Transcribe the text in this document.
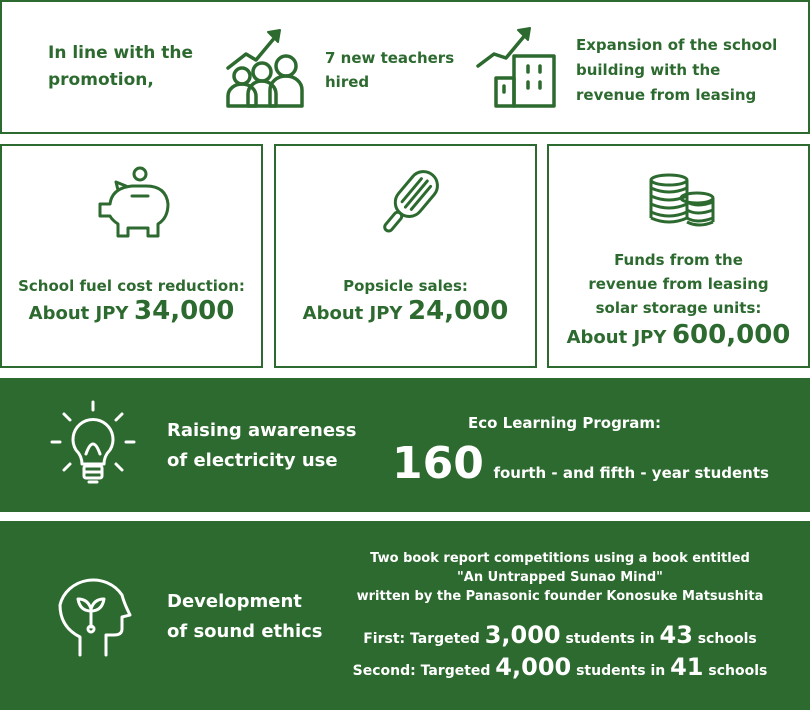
In line with the
promotion,
7 new teachers
hired
Expansion of the school
building with the
revenue from leasing
School fuel cost reduction:
About JPY 34,000
Popsicle sales:
About JPY 24,000
Funds from the
revenue from leasing
solar storage units:
About JPY 600,000
Raising awareness
of electricity use
Eco Learning Program:
160 fourth - and fifth - year students
Development
of sound ethics
Two book report competitions using a book entitled
"An Untrapped Sunao Mind"
written by the Panasonic founder Konosuke Matsushita
First: Targeted 3,000 students in 43 schools
Second: Targeted 4,000 students in 41 schools
